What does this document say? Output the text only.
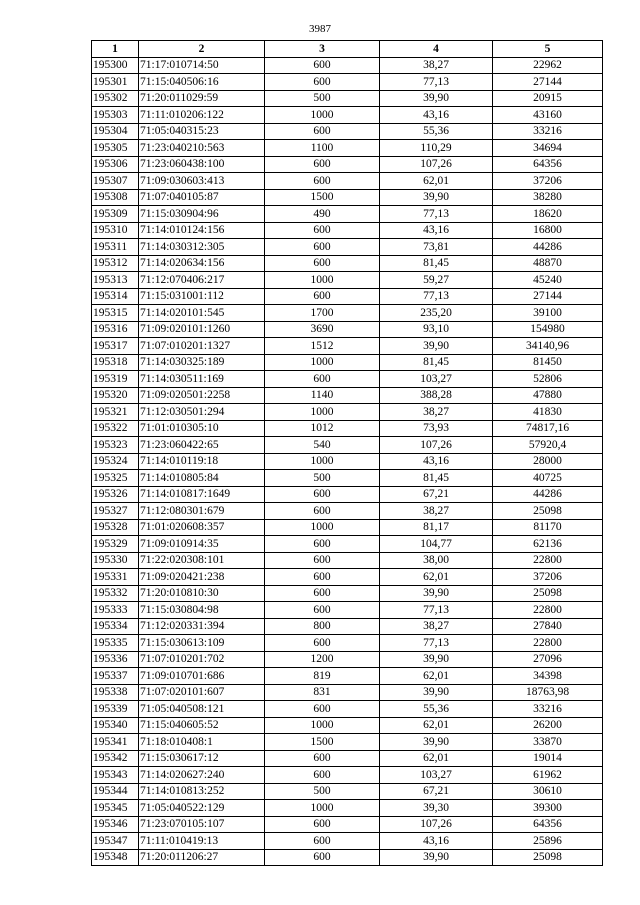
3987
1	2	3	4	5
195300	71:17:010714:50	600	38,27	22962
195301	71:15:040506:16	600	77,13	27144
195302	71:20:011029:59	500	39,90	20915
195303	71:11:010206:122	1000	43,16	43160
195304	71:05:040315:23	600	55,36	33216
195305	71:23:040210:563	1100	110,29	34694
195306	71:23:060438:100	600	107,26	64356
195307	71:09:030603:413	600	62,01	37206
195308	71:07:040105:87	1500	39,90	38280
195309	71:15:030904:96	490	77,13	18620
195310	71:14:010124:156	600	43,16	16800
195311	71:14:030312:305	600	73,81	44286
195312	71:14:020634:156	600	81,45	48870
195313	71:12:070406:217	1000	59,27	45240
195314	71:15:031001:112	600	77,13	27144
195315	71:14:020101:545	1700	235,20	39100
195316	71:09:020101:1260	3690	93,10	154980
195317	71:07:010201:1327	1512	39,90	34140,96
195318	71:14:030325:189	1000	81,45	81450
195319	71:14:030511:169	600	103,27	52806
195320	71:09:020501:2258	1140	388,28	47880
195321	71:12:030501:294	1000	38,27	41830
195322	71:01:010305:10	1012	73,93	74817,16
195323	71:23:060422:65	540	107,26	57920,4
195324	71:14:010119:18	1000	43,16	28000
195325	71:14:010805:84	500	81,45	40725
195326	71:14:010817:1649	600	67,21	44286
195327	71:12:080301:679	600	38,27	25098
195328	71:01:020608:357	1000	81,17	81170
195329	71:09:010914:35	600	104,77	62136
195330	71:22:020308:101	600	38,00	22800
195331	71:09:020421:238	600	62,01	37206
195332	71:20:010810:30	600	39,90	25098
195333	71:15:030804:98	600	77,13	22800
195334	71:12:020331:394	800	38,27	27840
195335	71:15:030613:109	600	77,13	22800
195336	71:07:010201:702	1200	39,90	27096
195337	71:09:010701:686	819	62,01	34398
195338	71:07:020101:607	831	39,90	18763,98
195339	71:05:040508:121	600	55,36	33216
195340	71:15:040605:52	1000	62,01	26200
195341	71:18:010408:1	1500	39,90	33870
195342	71:15:030617:12	600	62,01	19014
195343	71:14:020627:240	600	103,27	61962
195344	71:14:010813:252	500	67,21	30610
195345	71:05:040522:129	1000	39,30	39300
195346	71:23:070105:107	600	107,26	64356
195347	71:11:010419:13	600	43,16	25896
195348	71:20:011206:27	600	39,90	25098
